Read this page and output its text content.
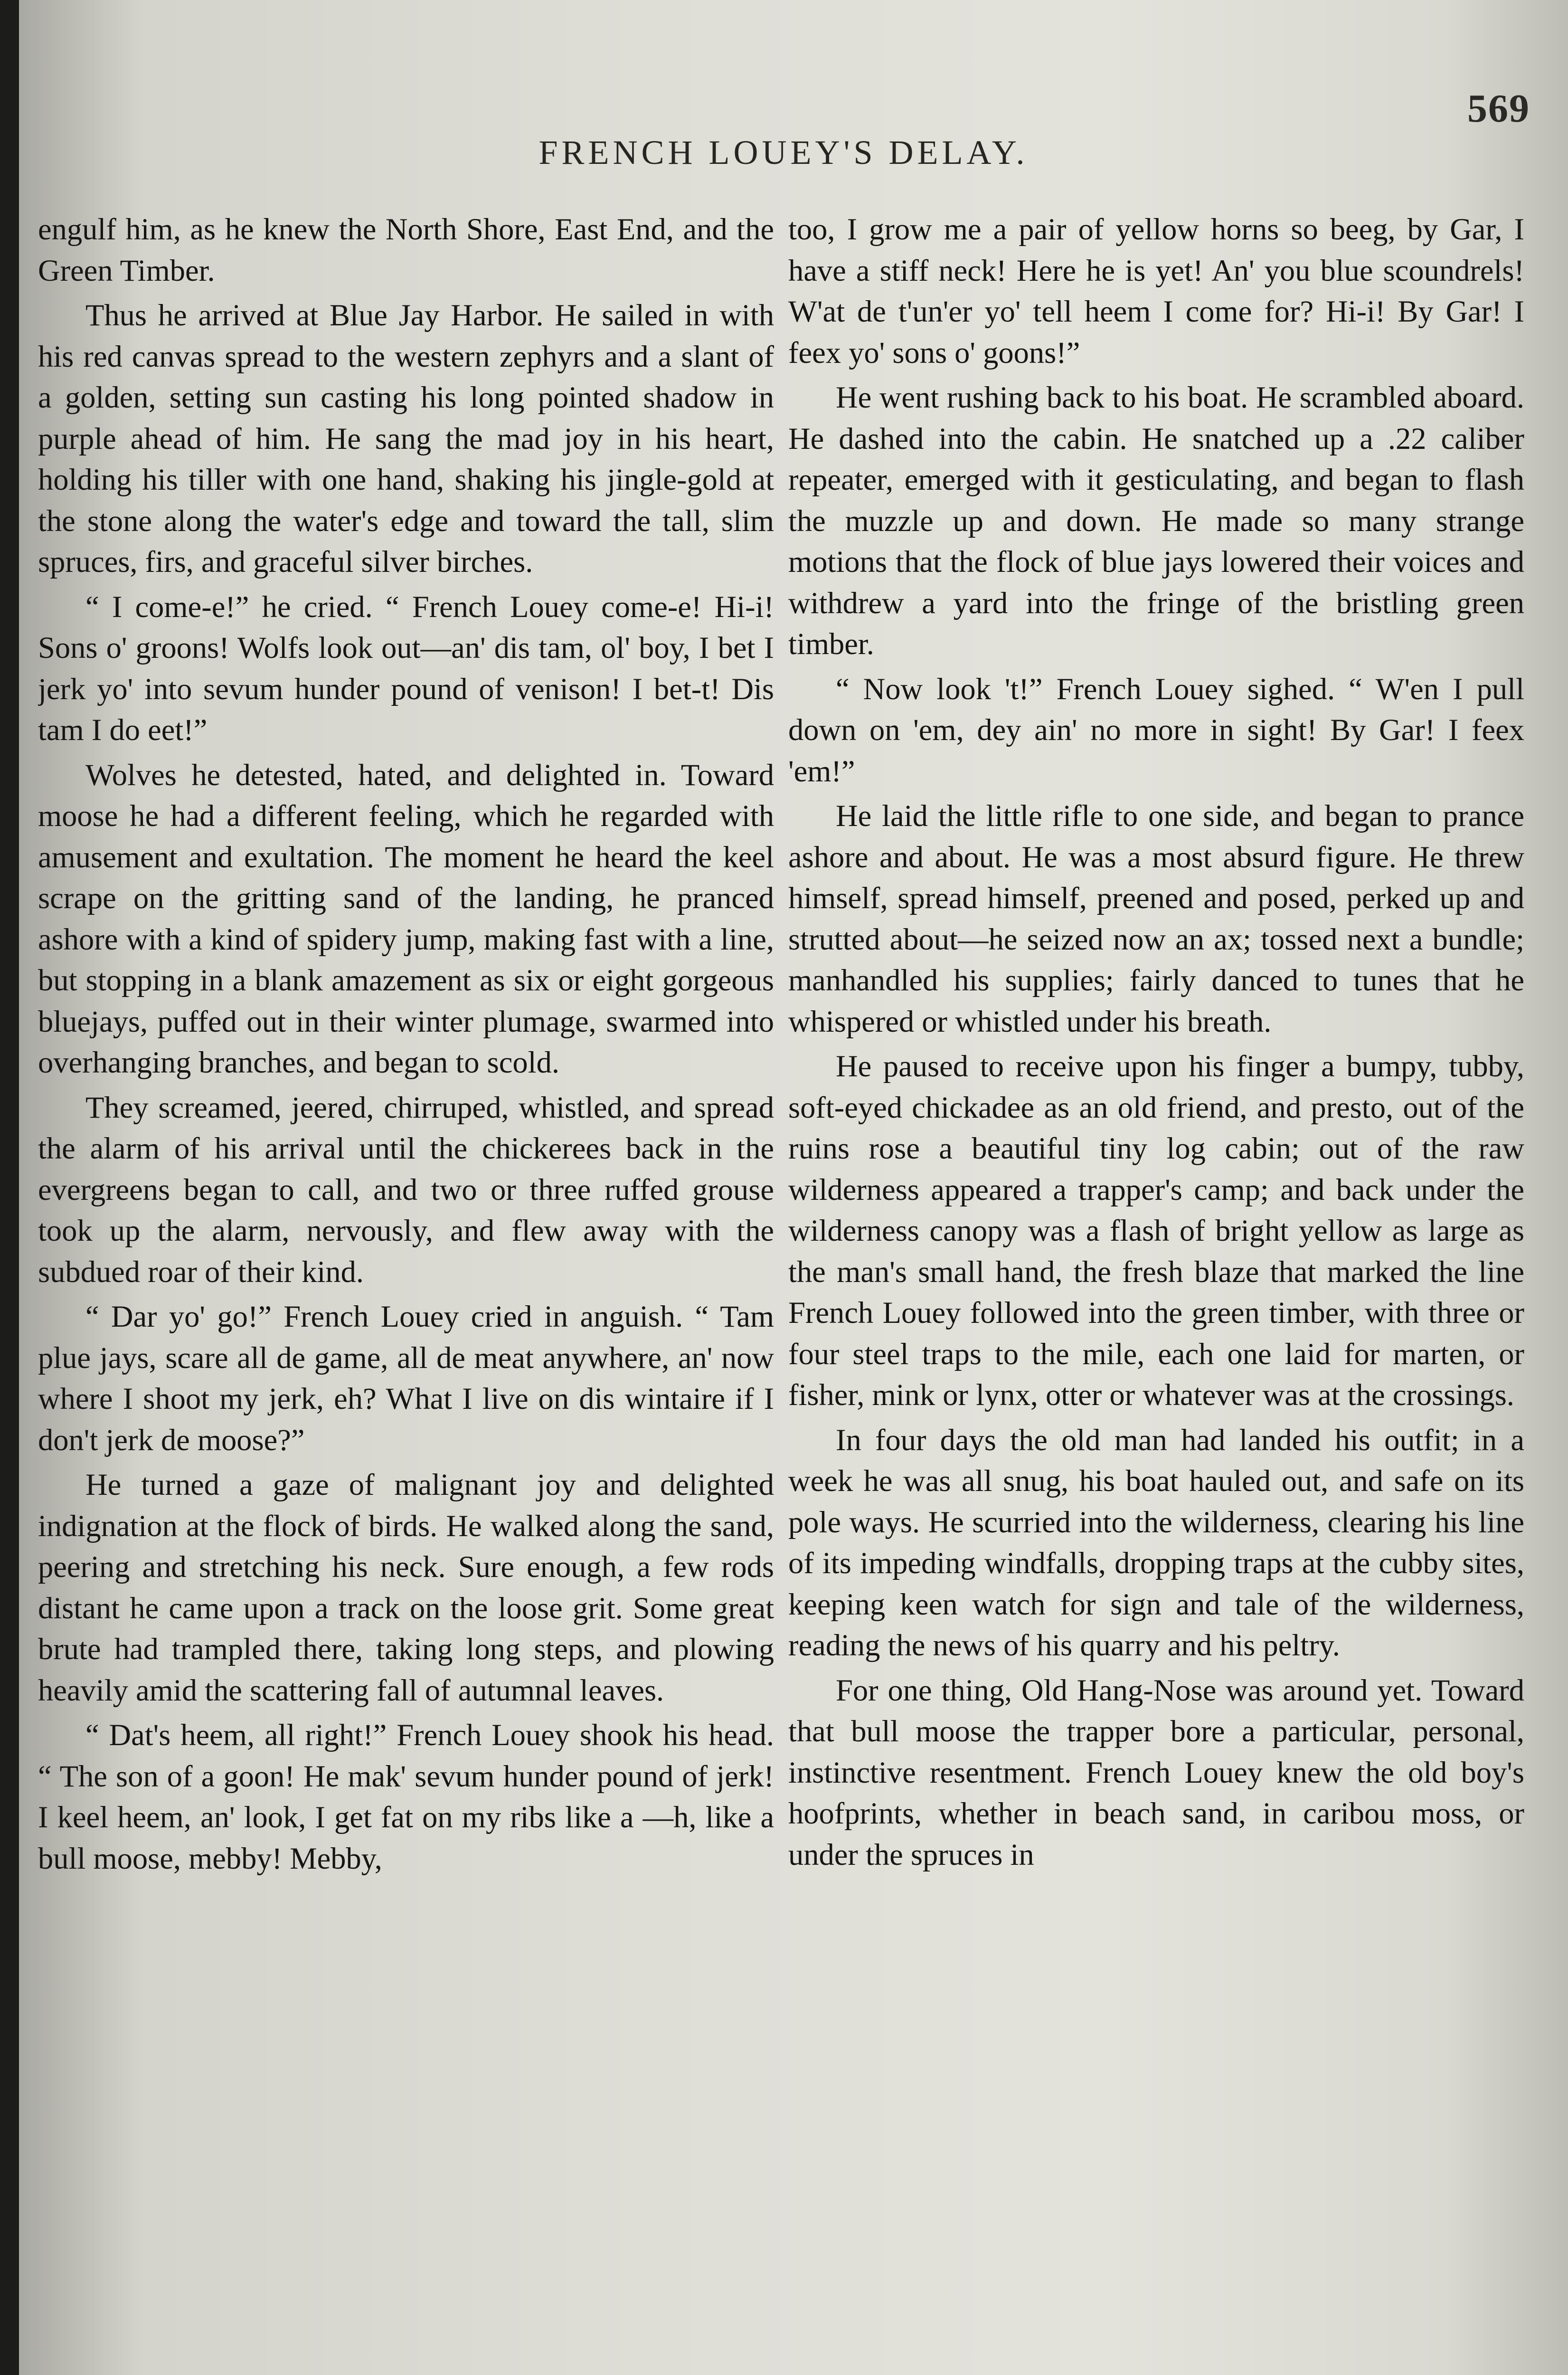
569
FRENCH LOUEY'S DELAY.

engulf him, as he knew the North Shore, East End, and the Green Timber.

Thus he arrived at Blue Jay Harbor. He sailed in with his red canvas spread to the western zephyrs and a slant of a golden, setting sun casting his long pointed shadow in purple ahead of him. He sang the mad joy in his heart, holding his tiller with one hand, shaking his jingle-gold at the stone along the water's edge and toward the tall, slim spruces, firs, and graceful silver birches.

“ I come-e!” he cried. “ French Louey come-e! Hi-i! Sons o' groons! Wolfs look out—an' dis tam, ol' boy, I bet I jerk yo' into sevum hunder pound of venison! I bet-t! Dis tam I do eet!”

Wolves he detested, hated, and delighted in. Toward moose he had a different feeling, which he regarded with amusement and exultation. The moment he heard the keel scrape on the gritting sand of the landing, he pranced ashore with a kind of spidery jump, making fast with a line, but stopping in a blank amazement as six or eight gorgeous bluejays, puffed out in their winter plumage, swarmed into overhanging branches, and began to scold.

They screamed, jeered, chirruped, whistled, and spread the alarm of his arrival until the chickerees back in the evergreens began to call, and two or three ruffed grouse took up the alarm, nervously, and flew away with the subdued roar of their kind.

“ Dar yo' go!” French Louey cried in anguish. “ Tam plue jays, scare all de game, all de meat anywhere, an' now where I shoot my jerk, eh? What I live on dis wintaire if I don't jerk de moose?”

He turned a gaze of malignant joy and delighted indignation at the flock of birds. He walked along the sand, peering and stretching his neck. Sure enough, a few rods distant he came upon a track on the loose grit. Some great brute had trampled there, taking long steps, and plowing heavily amid the scattering fall of autumnal leaves.

“ Dat's heem, all right!” French Louey shook his head. “ The son of a goon! He mak' sevum hunder pound of jerk! I keel heem, an' look, I get fat on my ribs like a —h, like a bull moose, mebby! Mebby,

too, I grow me a pair of yellow horns so beeg, by Gar, I have a stiff neck! Here he is yet! An' you blue scoundrels! W'at de t'un'er yo' tell heem I come for? Hi-i! By Gar! I feex yo' sons o' goons!”

He went rushing back to his boat. He scrambled aboard. He dashed into the cabin. He snatched up a .22 caliber repeater, emerged with it gesticulating, and began to flash the muzzle up and down. He made so many strange motions that the flock of blue jays lowered their voices and withdrew a yard into the fringe of the bristling green timber.

“ Now look 't!” French Louey sighed. “ W'en I pull down on 'em, dey ain' no more in sight! By Gar! I feex 'em!”

He laid the little rifle to one side, and began to prance ashore and about. He was a most absurd figure. He threw himself, spread himself, preened and posed, perked up and strutted about—he seized now an ax; tossed next a bundle; manhandled his supplies; fairly danced to tunes that he whispered or whistled under his breath.

He paused to receive upon his finger a bumpy, tubby, soft-eyed chickadee as an old friend, and presto, out of the ruins rose a beautiful tiny log cabin; out of the raw wilderness appeared a trapper's camp; and back under the wilderness canopy was a flash of bright yellow as large as the man's small hand, the fresh blaze that marked the line French Louey followed into the green timber, with three or four steel traps to the mile, each one laid for marten, or fisher, mink or lynx, otter or whatever was at the crossings.

In four days the old man had landed his outfit; in a week he was all snug, his boat hauled out, and safe on its pole ways. He scurried into the wilderness, clearing his line of its impeding windfalls, dropping traps at the cubby sites, keeping keen watch for sign and tale of the wilderness, reading the news of his quarry and his peltry.

For one thing, Old Hang-Nose was around yet. Toward that bull moose the trapper bore a particular, personal, instinctive resentment. French Louey knew the old boy's hoofprints, whether in beach sand, in caribou moss, or under the spruces in
